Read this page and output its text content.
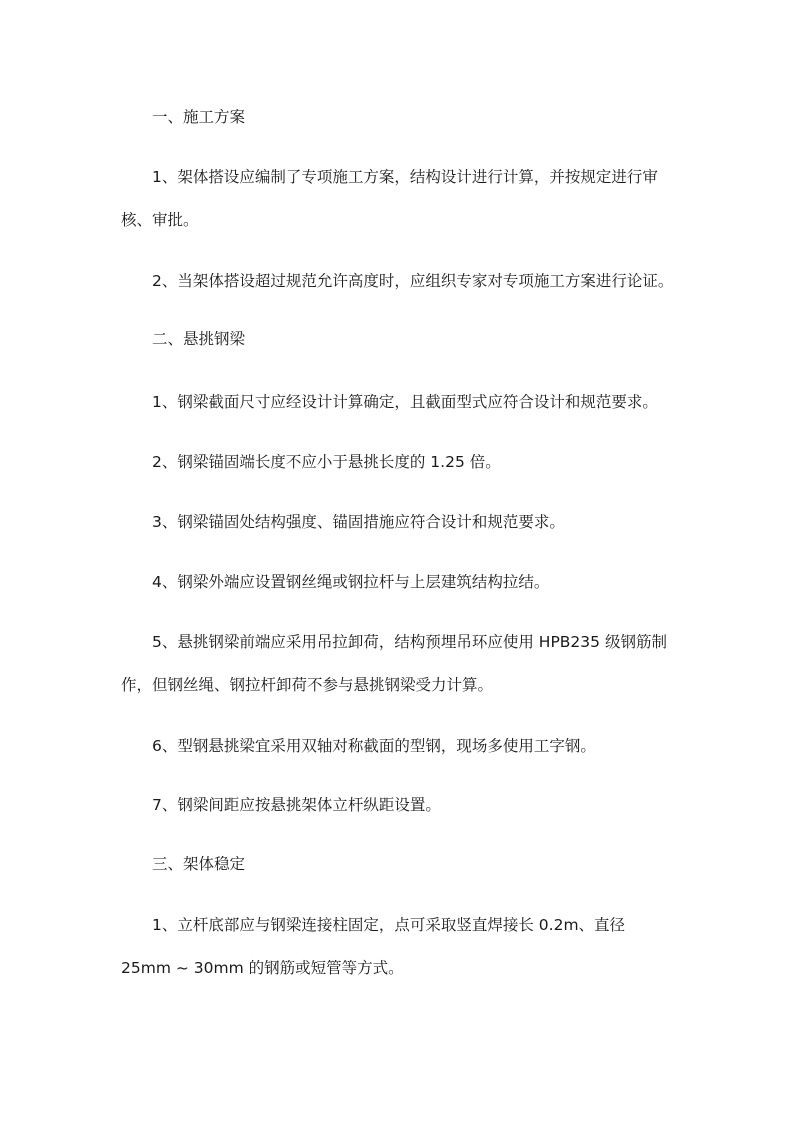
一、施工方案
1、架体搭设应编制了专项施工方案，结构设计进行计算，并按规定进行审
核、审批。
2、当架体搭设超过规范允许高度时，应组织专家对专项施工方案进行论证。
二、悬挑钢梁
1、钢梁截面尺寸应经设计计算确定，且截面型式应符合设计和规范要求。
2、钢梁锚固端长度不应小于悬挑长度的 1.25 倍。
3、钢梁锚固处结构强度、锚固措施应符合设计和规范要求。
4、钢梁外端应设置钢丝绳或钢拉杆与上层建筑结构拉结。
5、悬挑钢梁前端应采用吊拉卸荷，结构预埋吊环应使用 HPB235 级钢筋制
作，但钢丝绳、钢拉杆卸荷不参与悬挑钢梁受力计算。
6、型钢悬挑梁宜采用双轴对称截面的型钢，现场多使用工字钢。
7、钢梁间距应按悬挑架体立杆纵距设置。
三、架体稳定
1、立杆底部应与钢梁连接柱固定，点可采取竖直焊接长 0.2m、直径
25mm ~ 30mm 的钢筋或短管等方式。
